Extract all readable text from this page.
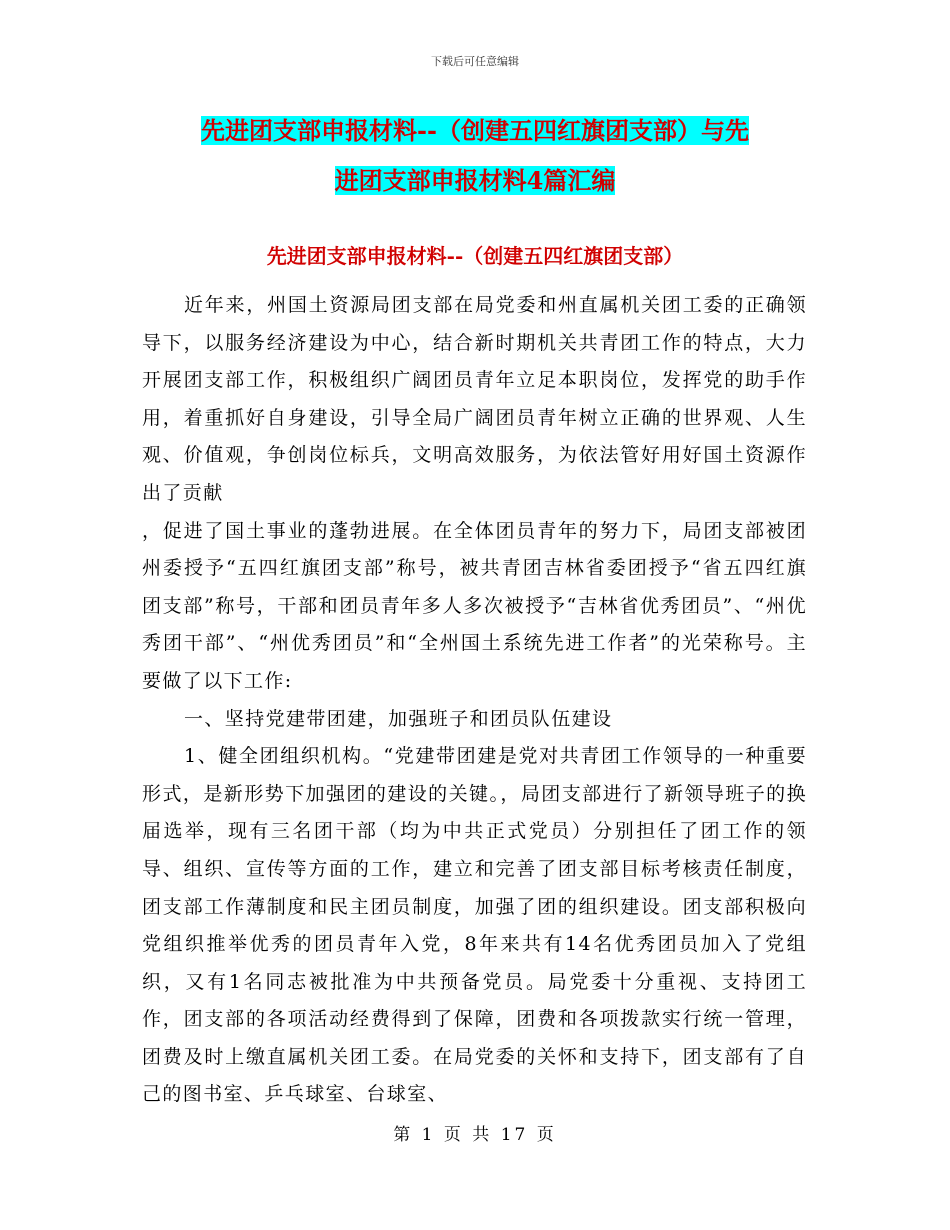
下载后可任意编辑
先进团支部申报材料--（创建五四红旗团支部）与先
进团支部申报材料4篇汇编
先进团支部申报材料--（创建五四红旗团支部）

近年来，州国土资源局团支部在局党委和州直属机关团工委的正确领导下，以服务经济建设为中心，结合新时期机关共青团工作的特点，大力开展团支部工作，积极组织广阔团员青年立足本职岗位，发挥党的助手作用，着重抓好自身建设，引导全局广阔团员青年树立正确的世界观、人生观、价值观，争创岗位标兵，文明高效服务，为依法管好用好国土资源作出了贡献

，促进了国土事业的蓬勃进展。在全体团员青年的努力下，局团支部被团州委授予“五四红旗团支部”称号，被共青团吉林省委团授予“省五四红旗团支部”称号，干部和团员青年多人多次被授予“吉林省优秀团员”、“州优秀团干部”、“州优秀团员”和“全州国土系统先进工作者”的光荣称号。主要做了以下工作:

一、坚持党建带团建，加强班子和团员队伍建设

1、健全团组织机构。“党建带团建是党对共青团工作领导的一种重要形式，是新形势下加强团的建设的关键。，局团支部进行了新领导班子的换届选举，现有三名团干部（均为中共正式党员）分别担任了团工作的领导、组织、宣传等方面的工作，建立和完善了团支部目标考核责任制度，团支部工作薄制度和民主团员制度，加强了团的组织建设。团支部积极向党组织推举优秀的团员青年入党，8年来共有14名优秀团员加入了党组织，又有1名同志被批准为中共预备党员。局党委十分重视、支持团工作，团支部的各项活动经费得到了保障，团费和各项拨款实行统一管理，团费及时上缴直属机关团工委。在局党委的关怀和支持下，团支部有了自己的图书室、乒乓球室、台球室、

第 1 页 共 17 页
